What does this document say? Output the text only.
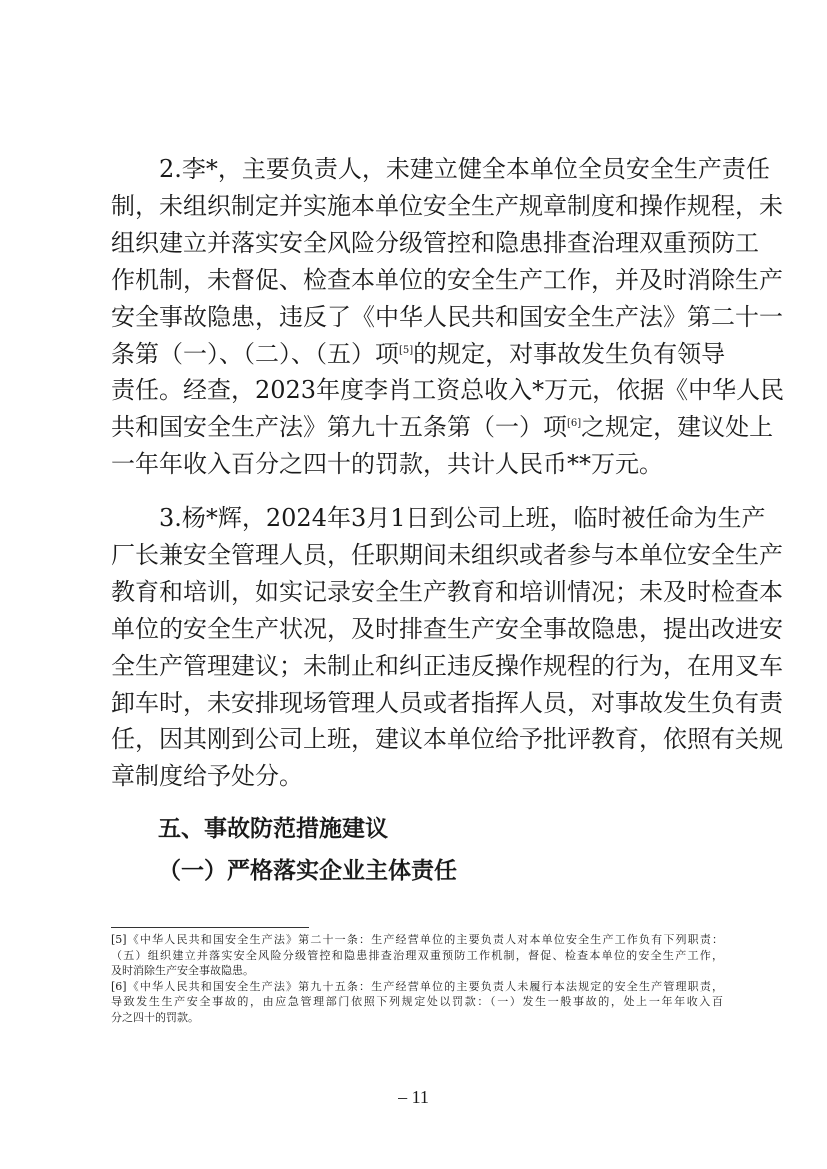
2.李*，主要负责人，未建立健全本单位全员安全生产责任
制，未组织制定并实施本单位安全生产规章制度和操作规程，未
组织建立并落实安全风险分级管控和隐患排查治理双重预防工
作机制，未督促、检查本单位的安全生产工作，并及时消除生产
安全事故隐患，违反了《中华人民共和国安全生产法》第二十一
条第（一）、（二）、（五）项[5]的规定，对事故发生负有领导
责任。经查，2023年度李肖工资总收入*万元，依据《中华人民
共和国安全生产法》第九十五条第（一）项[6]之规定，建议处上
一年年收入百分之四十的罚款，共计人民币**万元。
3.杨*辉，2024年3月1日到公司上班，临时被任命为生产
厂长兼安全管理人员，任职期间未组织或者参与本单位安全生产
教育和培训，如实记录安全生产教育和培训情况；未及时检查本
单位的安全生产状况，及时排查生产安全事故隐患，提出改进安
全生产管理建议；未制止和纠正违反操作规程的行为，在用叉车
卸车时，未安排现场管理人员或者指挥人员，对事故发生负有责
任，因其刚到公司上班，建议本单位给予批评教育，依照有关规
章制度给予处分。
五、事故防范措施建议
（一）严格落实企业主体责任
[5]《中华人民共和国安全生产法》第二十一条：生产经营单位的主要负责人对本单位安全生产工作负有下列职责：
（五）组织建立并落实安全风险分级管控和隐患排查治理双重预防工作机制，督促、检查本单位的安全生产工作，
及时消除生产安全事故隐患。
[6]《中华人民共和国安全生产法》第九十五条：生产经营单位的主要负责人未履行本法规定的安全生产管理职责，
导致发生生产安全事故的，由应急管理部门依照下列规定处以罚款：（一）发生一般事故的，处上一年年收入百
分之四十的罚款。
– 11
